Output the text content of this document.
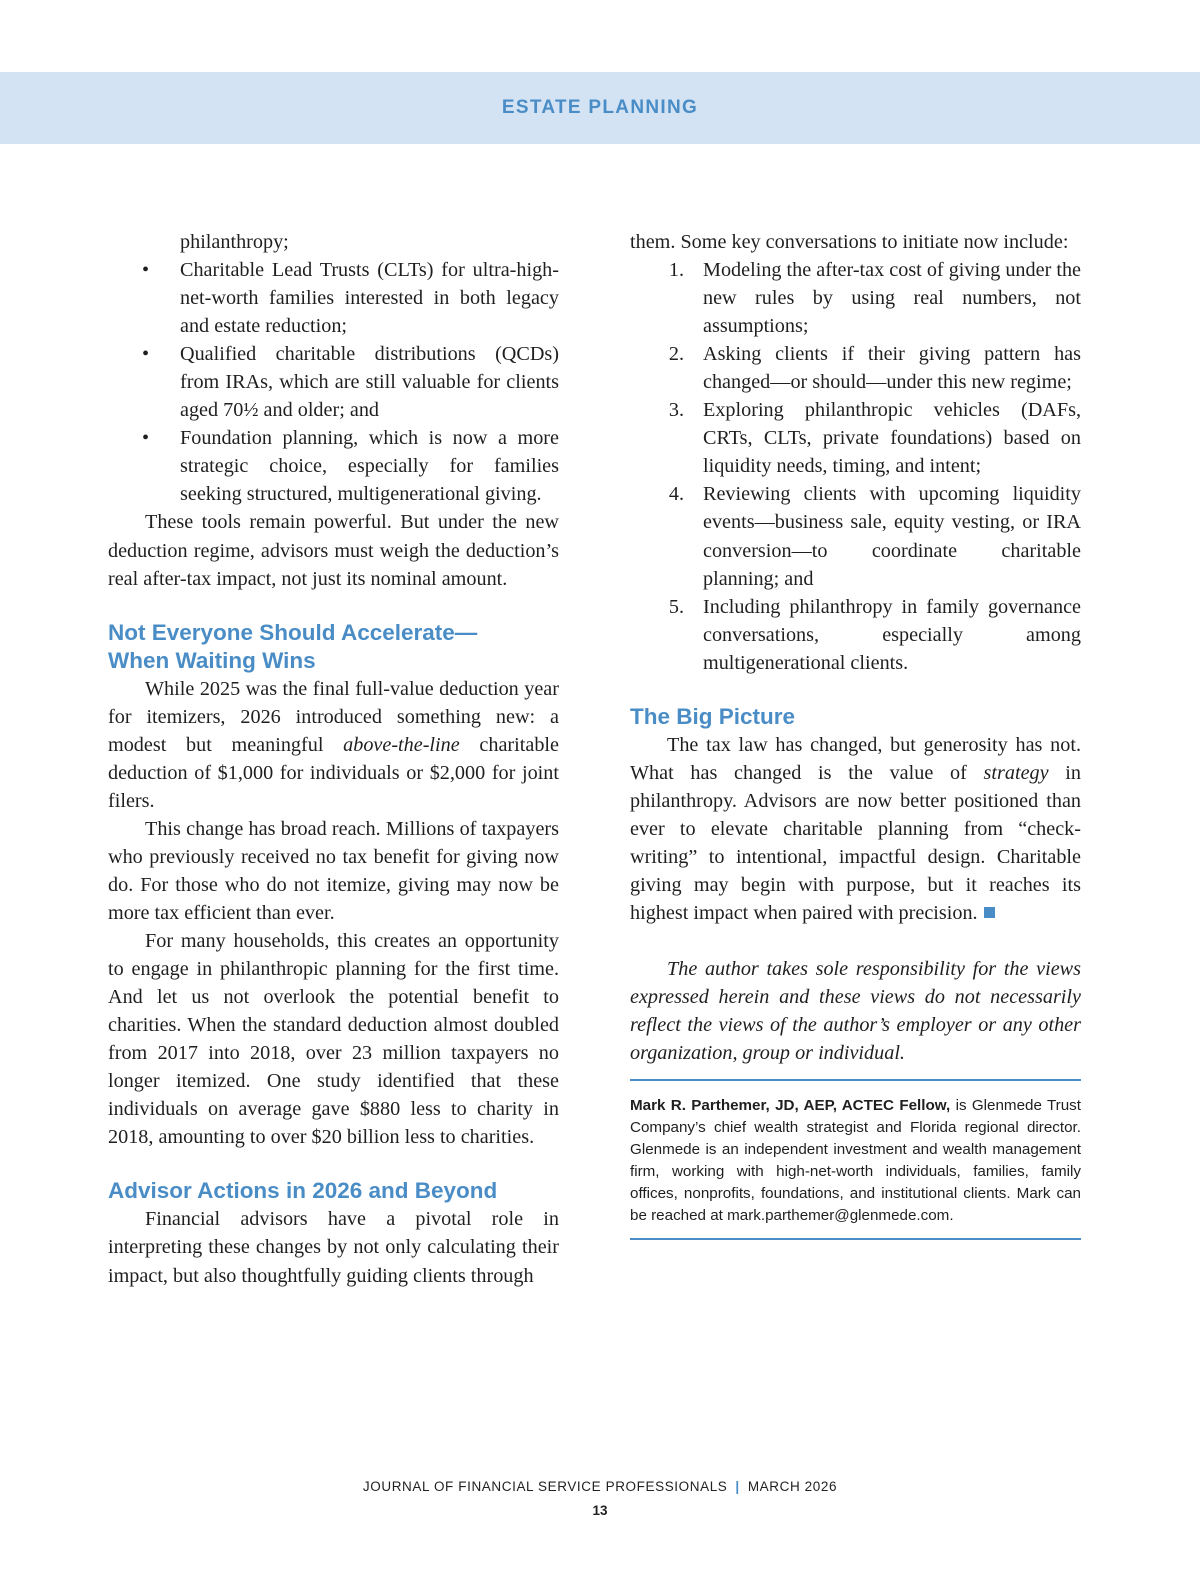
ESTATE PLANNING

philanthropy;

• Charitable Lead Trusts (CLTs) for ultra-high-net-worth families interested in both legacy and estate reduction;
• Qualified charitable distributions (QCDs) from IRAs, which are still valuable for clients aged 70½ and older; and
• Foundation planning, which is now a more strategic choice, especially for families seeking structured, multigenerational giving.

These tools remain powerful. But under the new deduction regime, advisors must weigh the deduction’s real after-tax impact, not just its nominal amount.

Not Everyone Should Accelerate—
When Waiting Wins

While 2025 was the final full-value deduction year for itemizers, 2026 introduced something new: a modest but meaningful above-the-line charitable deduction of $1,000 for individuals or $2,000 for joint filers.

This change has broad reach. Millions of taxpayers who previously received no tax benefit for giving now do. For those who do not itemize, giving may now be more tax efficient than ever.

For many households, this creates an opportunity to engage in philanthropic planning for the first time. And let us not overlook the potential benefit to charities. When the standard deduction almost doubled from 2017 into 2018, over 23 million taxpayers no longer itemized. One study identified that these individuals on average gave $880 less to charity in 2018, amounting to over $20 billion less to charities.

Advisor Actions in 2026 and Beyond

Financial advisors have a pivotal role in interpreting these changes by not only calculating their impact, but also thoughtfully guiding clients through

them. Some key conversations to initiate now include:

1. Modeling the after-tax cost of giving under the new rules by using real numbers, not assumptions;
2. Asking clients if their giving pattern has changed—or should—under this new regime;
3. Exploring philanthropic vehicles (DAFs, CRTs, CLTs, private foundations) based on liquidity needs, timing, and intent;
4. Reviewing clients with upcoming liquidity events—business sale, equity vesting, or IRA conversion—to coordinate charitable planning; and
5. Including philanthropy in family governance conversations, especially among multigenerational clients.
The Big Picture

The tax law has changed, but generosity has not. What has changed is the value of strategy in philanthropy. Advisors are now better positioned than ever to elevate charitable planning from “check-writing” to intentional, impactful design. Charitable giving may begin with purpose, but it reaches its highest impact when paired with precision.

The author takes sole responsibility for the views expressed herein and these views do not necessarily reflect the views of the author’s employer or any other organization, group or individual.

Mark R. Parthemer, JD, AEP, ACTEC Fellow, is Glenmede Trust Company’s chief wealth strategist and Florida regional director. Glenmede is an independent investment and wealth management firm, working with high-net-worth individuals, families, family offices, nonprofits, foundations, and institutional clients. Mark can be reached at mark.parthemer@glenmede.com.
JOURNAL OF FINANCIAL SERVICE PROFESSIONALS | MARCH 2026
13
